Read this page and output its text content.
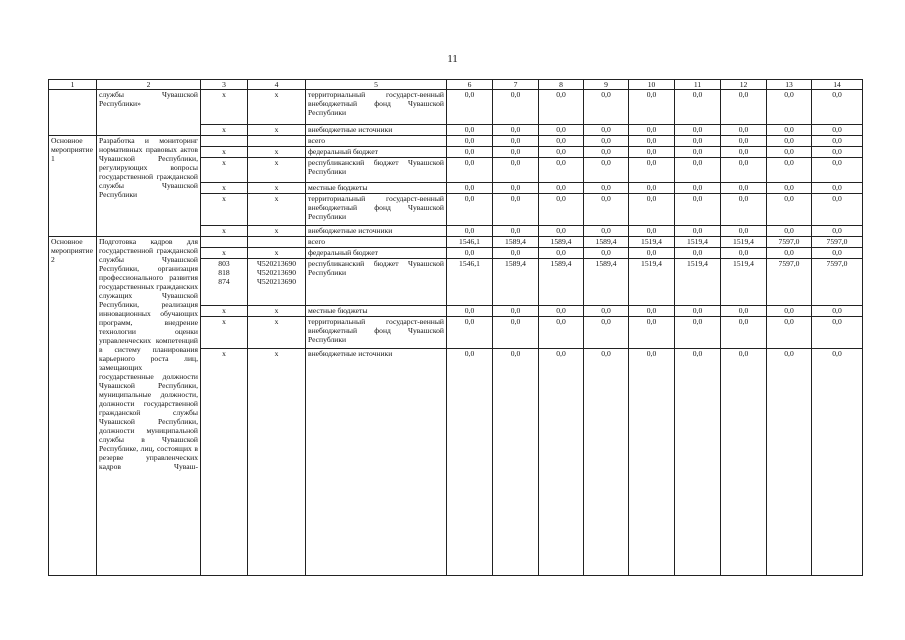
11
1	2	3	4	5	6	7	8	9	10	11	12	13	14
	службы Чувашской Республики»	х	х	территориальный государст-венный внебюджетный фонд Чувашской Республики	0,0	0,0	0,0	0,0	0,0	0,0	0,0	0,0	0,0
		х	х	внебюджетные источники	0,0	0,0	0,0	0,0	0,0	0,0	0,0	0,0	0,0
Основное мероприятие 1	Разработка и мониторинг нормативных правовых актов Чувашской Республики, регулирующих вопросы государственной гражданской службы Чувашской Республики			всего	0,0	0,0	0,0	0,0	0,0	0,0	0,0	0,0	0,0
		х	х	федеральный бюджет	0,0	0,0	0,0	0,0	0,0	0,0	0,0	0,0	0,0
		х	х	республиканский бюджет Чувашской Республики	0,0	0,0	0,0	0,0	0,0	0,0	0,0	0,0	0,0
		х	х	местные бюджеты	0,0	0,0	0,0	0,0	0,0	0,0	0,0	0,0	0,0
		х	х	территориальный государст-венный внебюджетный фонд Чувашской Республики	0,0	0,0	0,0	0,0	0,0	0,0	0,0	0,0	0,0
		х	х	внебюджетные источники	0,0	0,0	0,0	0,0	0,0	0,0	0,0	0,0	0,0
Основное мероприятие 2	Подготовка кадров для государственной гражданской службы Чувашской Республики, организация профессионального развития государственных гражданских служащих Чувашской Республики, реализация инновационных обучающих программ, внедрение технологии оценки управленческих компетенций в систему планирования карьерного роста лиц, замещающих государственные должности Чувашской Республики, муниципальные должности, должности государственной гражданской службы Чувашской Республики, должности муниципальной службы в Чувашской Республике, лиц, состоящих в резерве управленческих кадров Чуваш-			всего	1546,1	1589,4	1589,4	1589,4	1519,4	1519,4	1519,4	7597,0	7597,0
		х	х	федеральный бюджет	0,0	0,0	0,0	0,0	0,0	0,0	0,0	0,0	0,0
		803 818 874	Ч520213690 Ч520213690 Ч520213690	республиканский бюджет Чувашской Республики	1546,1	1589,4	1589,4	1589,4	1519,4	1519,4	1519,4	7597,0	7597,0
		х	х	местные бюджеты	0,0	0,0	0,0	0,0	0,0	0,0	0,0	0,0	0,0
		х	х	территориальный государст-венный внебюджетный фонд Чувашской Республики	0,0	0,0	0,0	0,0	0,0	0,0	0,0	0,0	0,0
		х	х	внебюджетные источники	0,0	0,0	0,0	0,0	0,0	0,0	0,0	0,0	0,0
